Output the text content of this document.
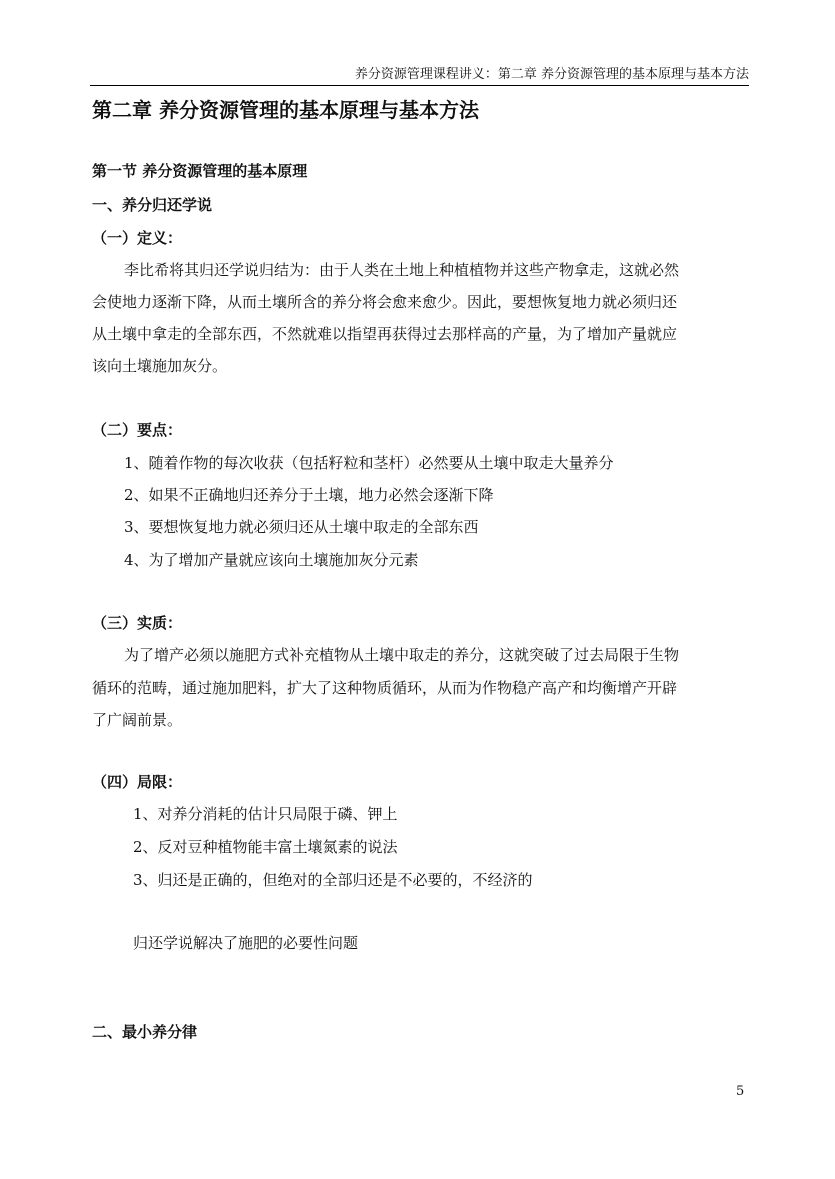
养分资源管理课程讲义：第二章 养分资源管理的基本原理与基本方法
第二章 养分资源管理的基本原理与基本方法
第一节 养分资源管理的基本原理
一、养分归还学说
（一）定义：
李比希将其归还学说归结为：由于人类在土地上种植植物并这些产物拿走，这就必然
会使地力逐渐下降，从而土壤所含的养分将会愈来愈少。因此，要想恢复地力就必须归还
从土壤中拿走的全部东西，不然就难以指望再获得过去那样高的产量，为了增加产量就应
该向土壤施加灰分。
（二）要点：
1、随着作物的每次收获（包括籽粒和茎杆）必然要从土壤中取走大量养分
2、如果不正确地归还养分于土壤，地力必然会逐渐下降
3、要想恢复地力就必须归还从土壤中取走的全部东西
4、为了增加产量就应该向土壤施加灰分元素
（三）实质：
为了增产必须以施肥方式补充植物从土壤中取走的养分，这就突破了过去局限于生物
循环的范畴，通过施加肥料，扩大了这种物质循环，从而为作物稳产高产和均衡增产开辟
了广阔前景。
（四）局限：
1、对养分消耗的估计只局限于磷、钾上
2、反对豆种植物能丰富土壤氮素的说法
3、归还是正确的，但绝对的全部归还是不必要的，不经济的
归还学说解决了施肥的必要性问题
二、最小养分律
5
